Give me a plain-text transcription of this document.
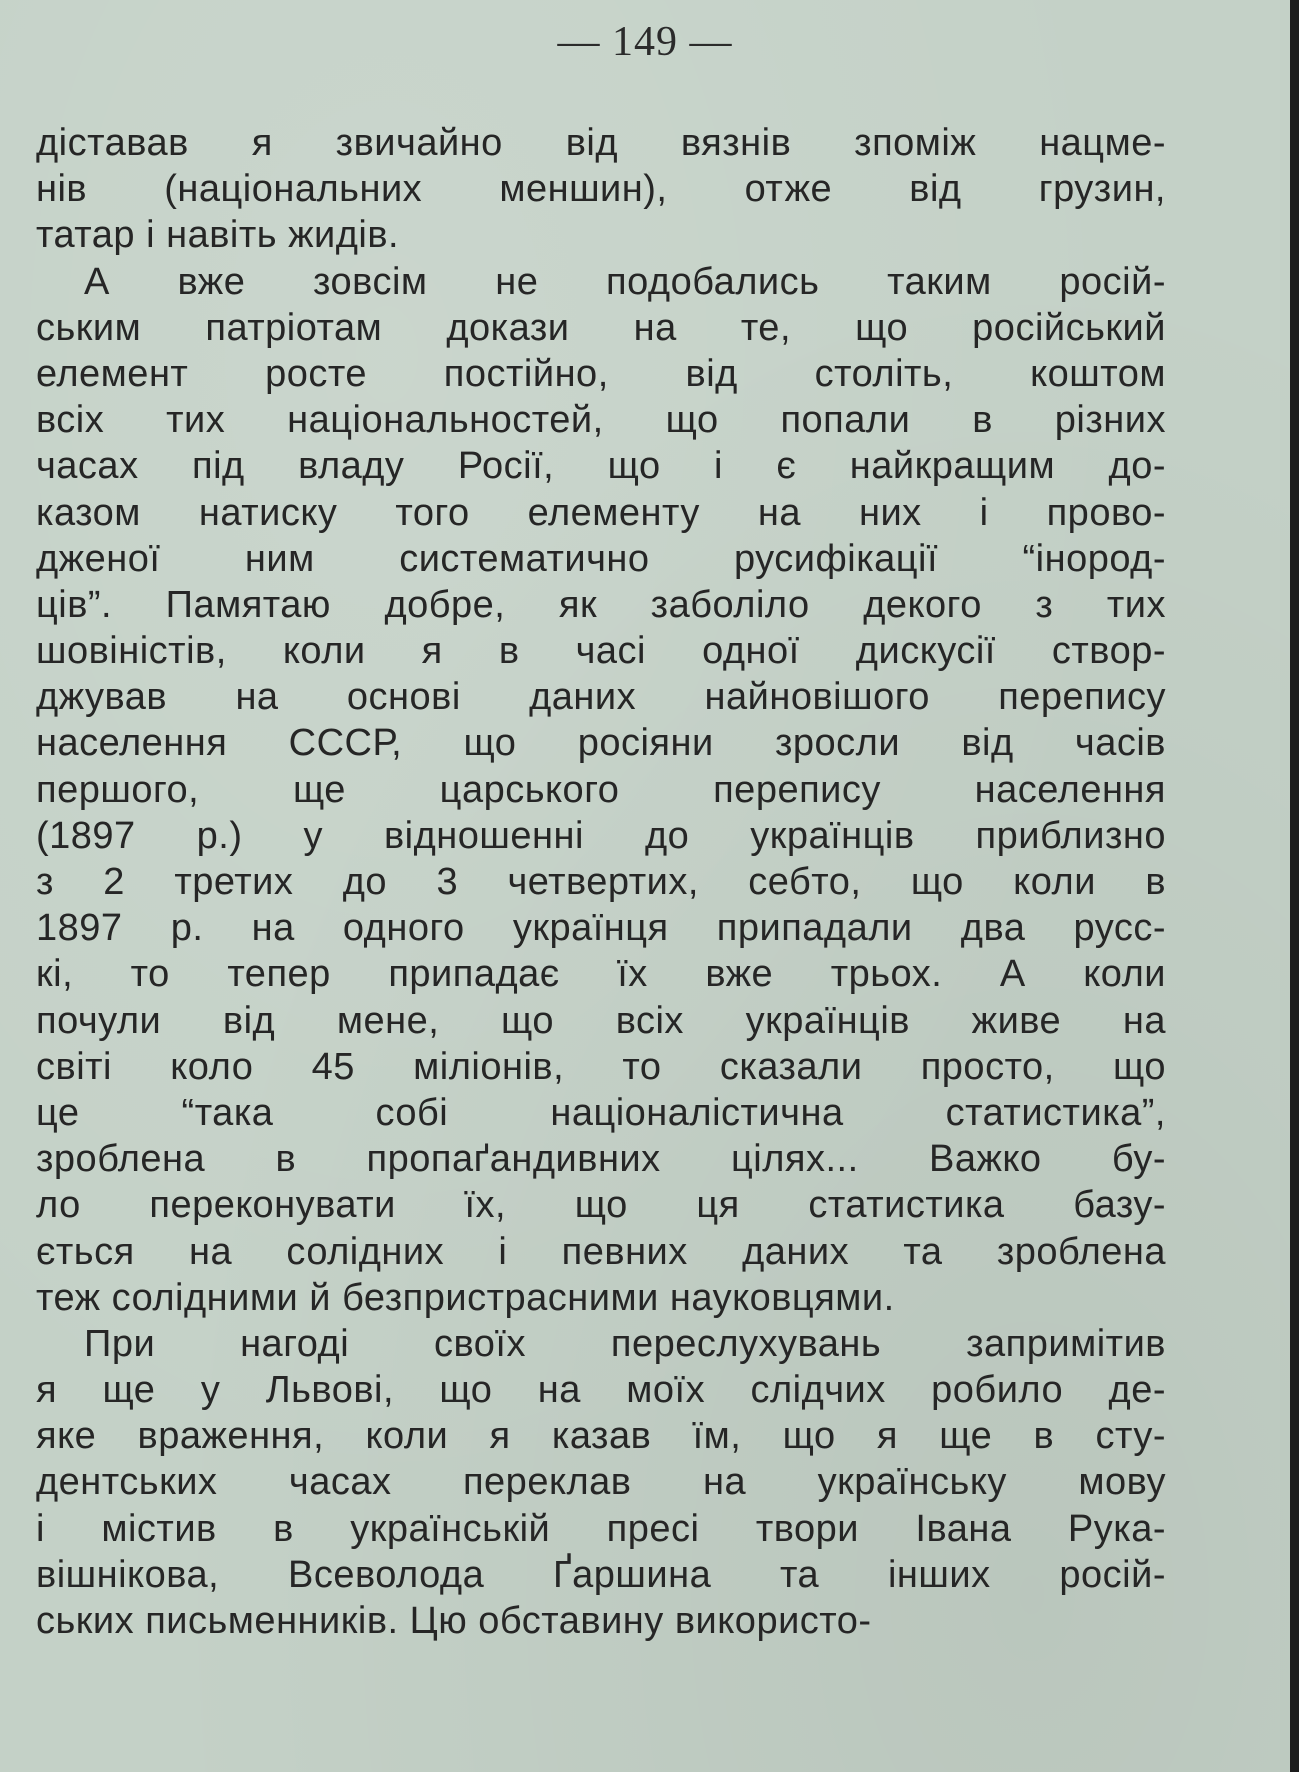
— 149 —
діставав я звичайно від вязнів зпоміж нацме-
нів (національних меншин), отже від грузин,
татар і навіть жидів.
А вже зовсім не подобались таким росій-
ським патріотам докази на те, що російський
елемент росте постійно, від століть, коштом
всіх тих національностей, що попали в різних
часах під владу Росії, що і є найкращим до-
казом натиску того елементу на них і прово-
дженої ним систематично русифікації “інород-
ців”. Памятаю добре, як заболіло декого з тих
шовіністів, коли я в часі одної дискусії створ-
джував на основі даних найновішого перепису
населення СССР, що росіяни зросли від часів
першого, ще царського перепису населення
(1897 р.) у відношенні до українців приблизно
з 2 третих до 3 четвертих, себто, що коли в
1897 р. на одного українця припадали два русс-
кі, то тепер припадає їх вже трьох. А коли
почули від мене, що всіх українців живе на
світі коло 45 міліонів, то сказали просто, що
це “така собі націоналістична статистика”,
зроблена в пропаґандивних цілях... Важко бу-
ло перекoнувати їх, що ця статистика базу-
ється на солідних і певних даних та зроблена
теж солідними й безпристрасними науковцями.
При нагоді своїх переслухувань запримітив
я ще у Львові, що на моїх слідчих робило де-
яке враження, коли я казав їм, що я ще в сту-
дентських часах переклав на українську мову
і містив в українській пресі твори Івана Рука-
вішнікова, Всеволода Ґаршина та інших росій-
ських письменників. Цю обставину використо-
